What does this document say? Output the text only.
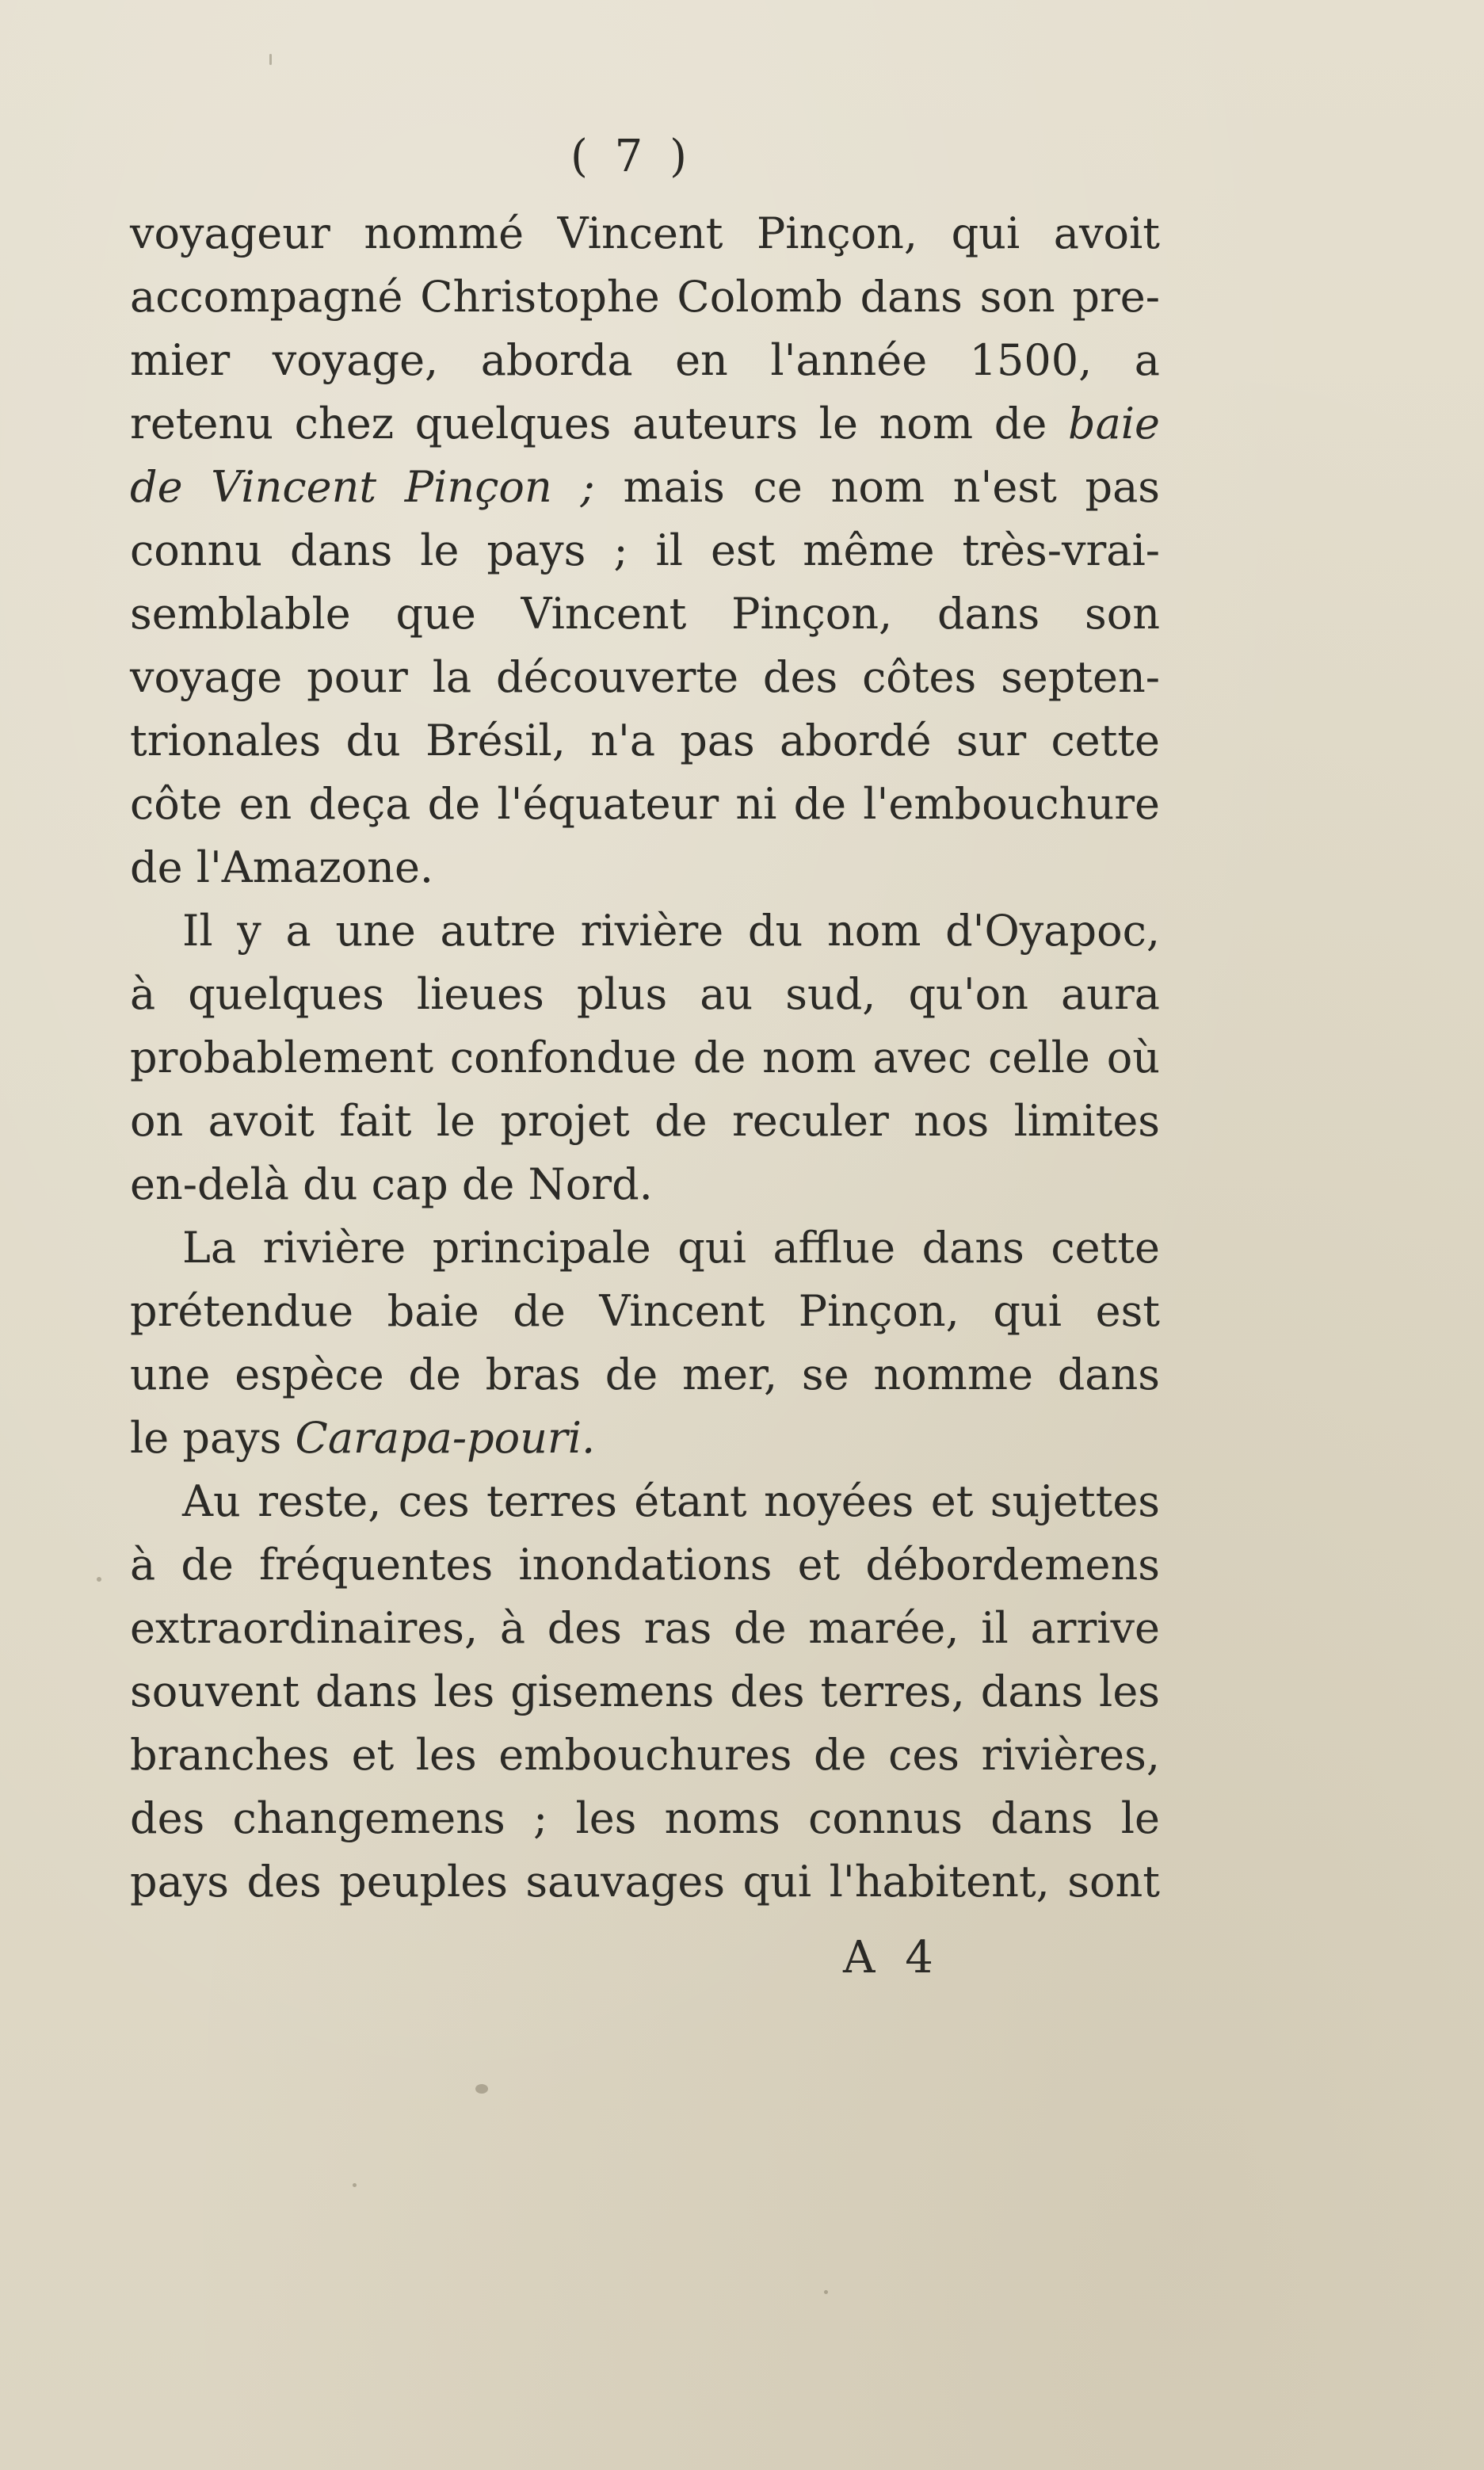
( 7 )
voyageur nommé Vincent Pinçon, qui avoit
accompagné Christophe Colomb dans son pre-
mier voyage, aborda en l'année 1500, a
retenu chez quelques auteurs le nom de baie
de Vincent Pinçon ; mais ce nom n'est pas
connu dans le pays ; il est même très-vrai-
semblable que Vincent Pinçon, dans son
voyage pour la découverte des côtes septen-
trionales du Brésil, n'a pas abordé sur cette
côte en deça de l'équateur ni de l'embouchure
de l'Amazone.
Il y a une autre rivière du nom d'Oyapoc,
à quelques lieues plus au sud, qu'on aura
probablement confondue de nom avec celle où
on avoit fait le projet de reculer nos limites
en-delà du cap de Nord.
La rivière principale qui afflue dans cette
prétendue baie de Vincent Pinçon, qui est
une espèce de bras de mer, se nomme dans
le pays Carapa-pouri.
Au reste, ces terres étant noyées et sujettes
à de fréquentes inondations et débordemens
extraordinaires, à des ras de marée, il arrive
souvent dans les gisemens des terres, dans les
branches et les embouchures de ces rivières,
des changemens ; les noms connus dans le
pays des peuples sauvages qui l'habitent, sont
A 4
